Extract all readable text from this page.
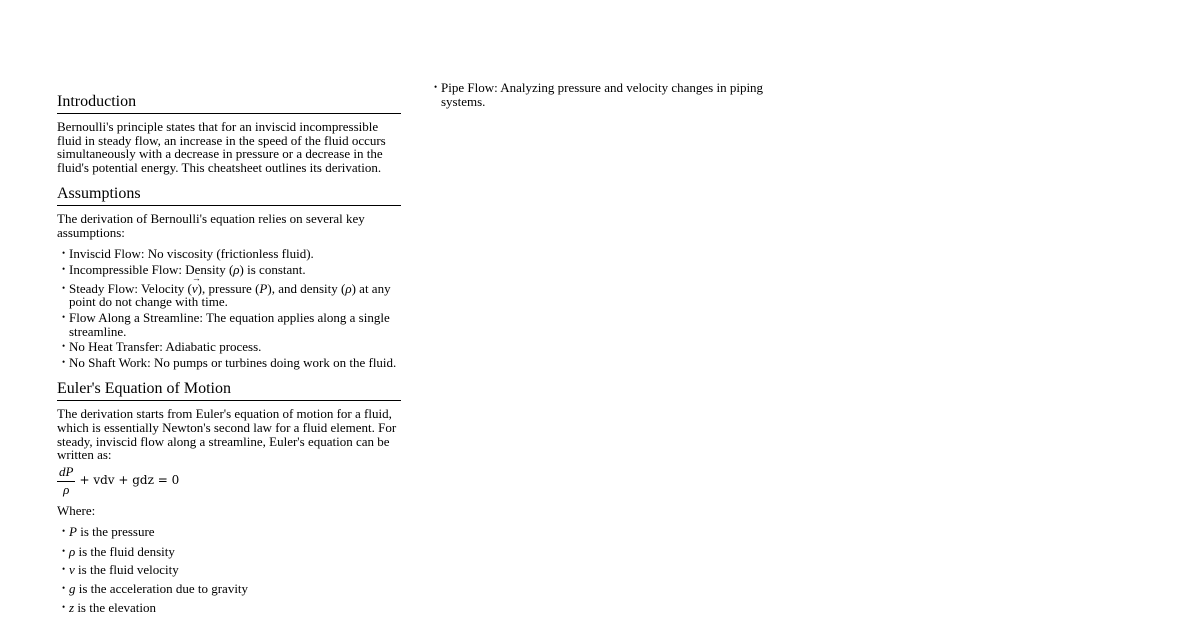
Introduction

Bernoulli's principle states that for an inviscid incompressible fluid in steady flow, an increase in the speed of the fluid occurs simultaneously with a decrease in pressure or a decrease in the fluid's potential energy. This cheatsheet outlines its derivation.

Assumptions

The derivation of Bernoulli's equation relies on several key assumptions:

• Inviscid Flow: No viscosity (frictionless fluid).
• Incompressible Flow: Density (ρ) is constant.
• Steady Flow: Velocity (v →), pressure (P), and density (ρ) at any point do not change with time.
• Flow Along a Streamline: The equation applies along a single streamline.
• No Heat Transfer: Adiabatic process.
• No Shaft Work: No pumps or turbines doing work on the fluid.
Euler's Equation of Motion

The derivation starts from Euler's equation of motion for a fluid, which is essentially Newton's second law for a fluid element. For steady, inviscid flow along a streamline, Euler's equation can be written as:

$\frac{dP}{\rho}$ + vdv + gdz = 0

Where:

• P is the pressure
• ρ is the fluid density
• v is the fluid velocity
• g is the acceleration due to gravity
• z is the elevation
• Pipe Flow: Analyzing pressure and velocity changes in piping systems.
